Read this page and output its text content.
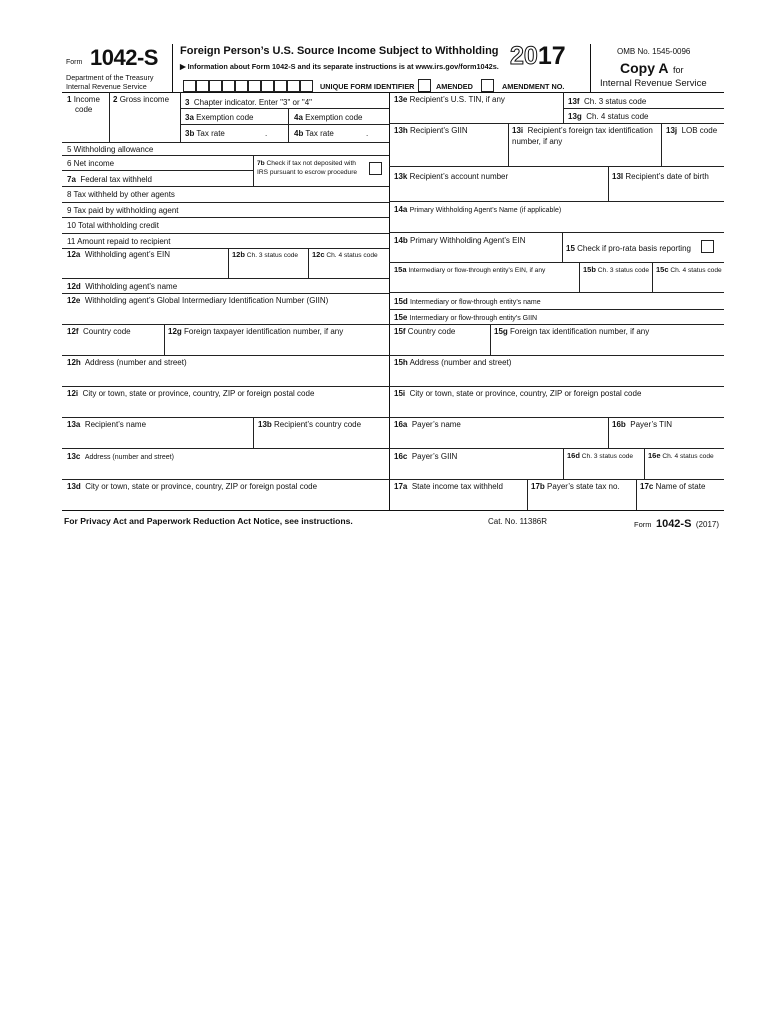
Form 1042-S
Department of the Treasury
Internal Revenue Service
Foreign Person’s U.S. Source Income Subject to Withholding
▶ Information about Form 1042-S and its separate instructions is at www.irs.gov/form1042s. 2017	OMB No. 1545-0096
Copy A for
Internal Revenue Service
UNIQUE FORM IDENTIFIER	AMENDED	AMENDMENT NO.
1 Income
code
2 Gross income 3 Chapter indicator. Enter "3" or "4"
3a Exemption code	4a Exemption code
3b Tax rate	.	4b Tax rate	.
5 Withholding allowance
6 Net income
7a Federal tax withheld
7b Check if tax not deposited with
IRS pursuant to escrow procedure
8 Tax withheld by other agents
9 Tax paid by withholding agent
10 Total withholding credit
11 Amount repaid to recipient
12a Withholding agent’s EIN	12b Ch. 3 status code 12c Ch. 4 status code
12d Withholding agent’s name
12e Withholding agent’s Global Intermediary Identification Number (GIIN)
12f Country code	12g Foreign taxpayer identification number, if any
12h Address (number and street)
12i City or town, state or province, country, ZIP or foreign postal code
13a Recipient’s name	13b Recipient’s country code
13c Address (number and street)
13d City or town, state or province, country, ZIP or foreign postal code
13e Recipient’s U.S. TIN, if any	13f Ch. 3 status code
13g Ch. 4 status code
13h Recipient’s GIIN	13i Recipient’s foreign tax identification
number, if any
13j LOB code
13k Recipient’s account number	13l Recipient’s date of birth
14a Primary Withholding Agent’s Name (if applicable)
14b Primary Withholding Agent’s EIN
15 Check if pro-rata basis reporting
15a Intermediary or flow-through entity’s EIN, if any	15b Ch. 3 status code 15c Ch. 4 status code
15d Intermediary or flow-through entity’s name
15e Intermediary or flow-through entity’s GIIN
15f Country code	15g Foreign tax identification number, if any
15h Address (number and street)
15i City or town, state or province, country, ZIP or foreign postal code
16a Payer’s name	16b Payer’s TIN
16c Payer’s GIIN	16d Ch. 3 status code 16e Ch. 4 status code
17a State income tax withheld	17b Payer’s state tax no.	17c Name of state
For Privacy Act and Paperwork Reduction Act Notice, see instructions.	Cat. No. 11386R	Form 1042-S (2017)
